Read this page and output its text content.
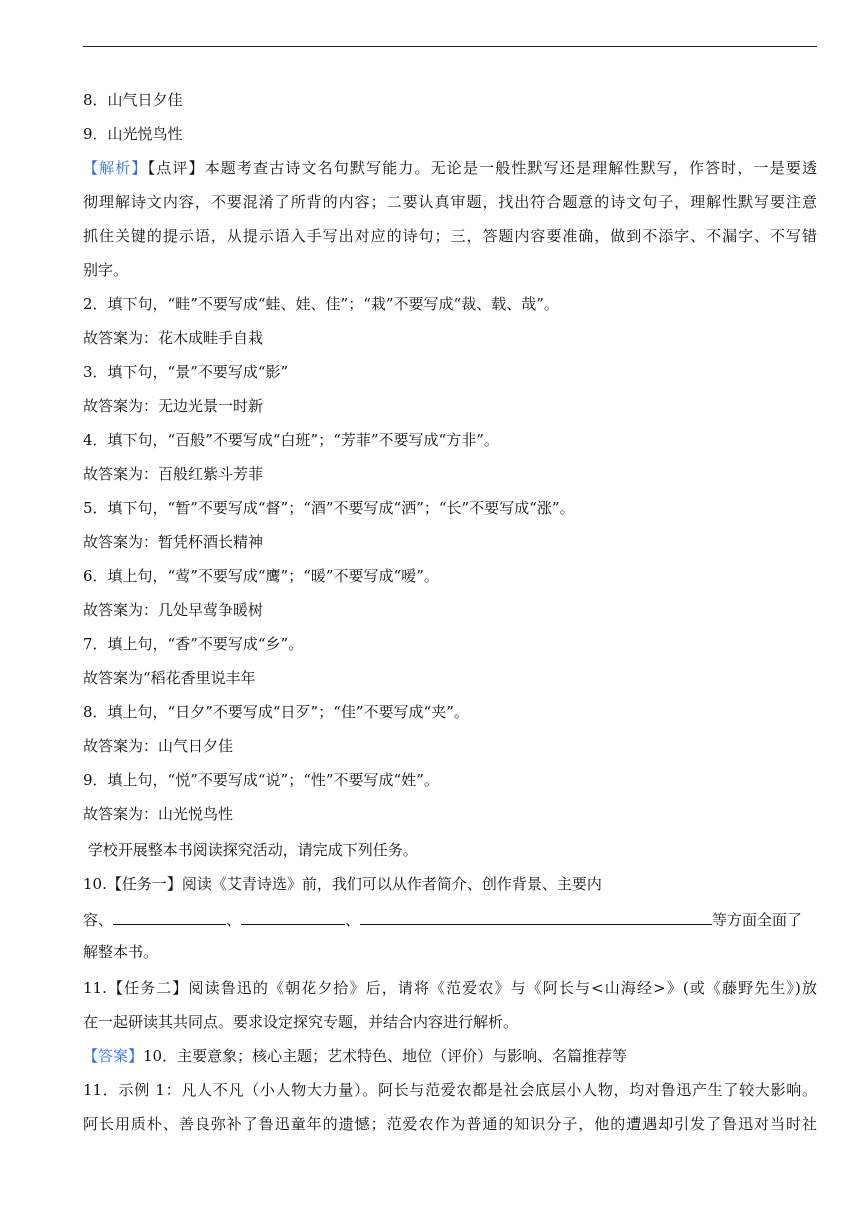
8．山气日夕佳
9．山光悦鸟性
【解析】【点评】本题考查古诗文名句默写能力。无论是一般性默写还是理解性默写，作答时，一是要透
彻理解诗文内容，不要混淆了所背的内容；二要认真审题，找出符合题意的诗文句子，理解性默写要注意
抓住关键的提示语，从提示语入手写出对应的诗句；三，答题内容要准确，做到不添字、不漏字、不写错
别字。
2．填下句，“畦”不要写成“蛙、娃、佳”；“栽”不要写成“裁、载、哉”。
故答案为：花木成畦手自栽
3．填下句，“景”不要写成“影”
故答案为：无边光景一时新
4．填下句，“百般”不要写成“白班”；“芳菲”不要写成“方非”。
故答案为：百般红紫斗芳菲
5．填下句，“暂”不要写成“督”；“酒”不要写成“洒”；“长”不要写成“涨”。
故答案为：暂凭杯酒长精神
6．填上句，“莺”不要写成“鹰”；“暖”不要写成“嗳”。
故答案为：几处早莺争暖树
7．填上句，“香”不要写成“乡”。
故答案为“稻花香里说丰年
8．填上句，“日夕”不要写成“日歹”；“佳”不要写成“夹”。
故答案为：山气日夕佳
9．填上句，“悦”不要写成“说”；“性”不要写成“姓”。
故答案为：山光悦鸟性
学校开展整本书阅读探究活动，请完成下列任务。
10.【任务一】阅读《艾青诗选》前，我们可以从作者简介、创作背景、主要内
容、	、	、	等方面全面了
解整本书。
11.【任务二】阅读鲁迅的《朝花夕拾》后，请将《范爱农》与《阿长与<山海经>》(或《藤野先生》)放
在一起研读其共同点。要求设定探究专题，并结合内容进行解析。
【答案】10．主要意象；核心主题；艺术特色、地位（评价）与影响、名篇推荐等
11．示例 1：凡人不凡（小人物大力量）。阿长与范爱农都是社会底层小人物，均对鲁迅产生了较大影响。
阿长用质朴、善良弥补了鲁迅童年的遗憾；范爱农作为普通的知识分子，他的遭遇却引发了鲁迅对当时社
